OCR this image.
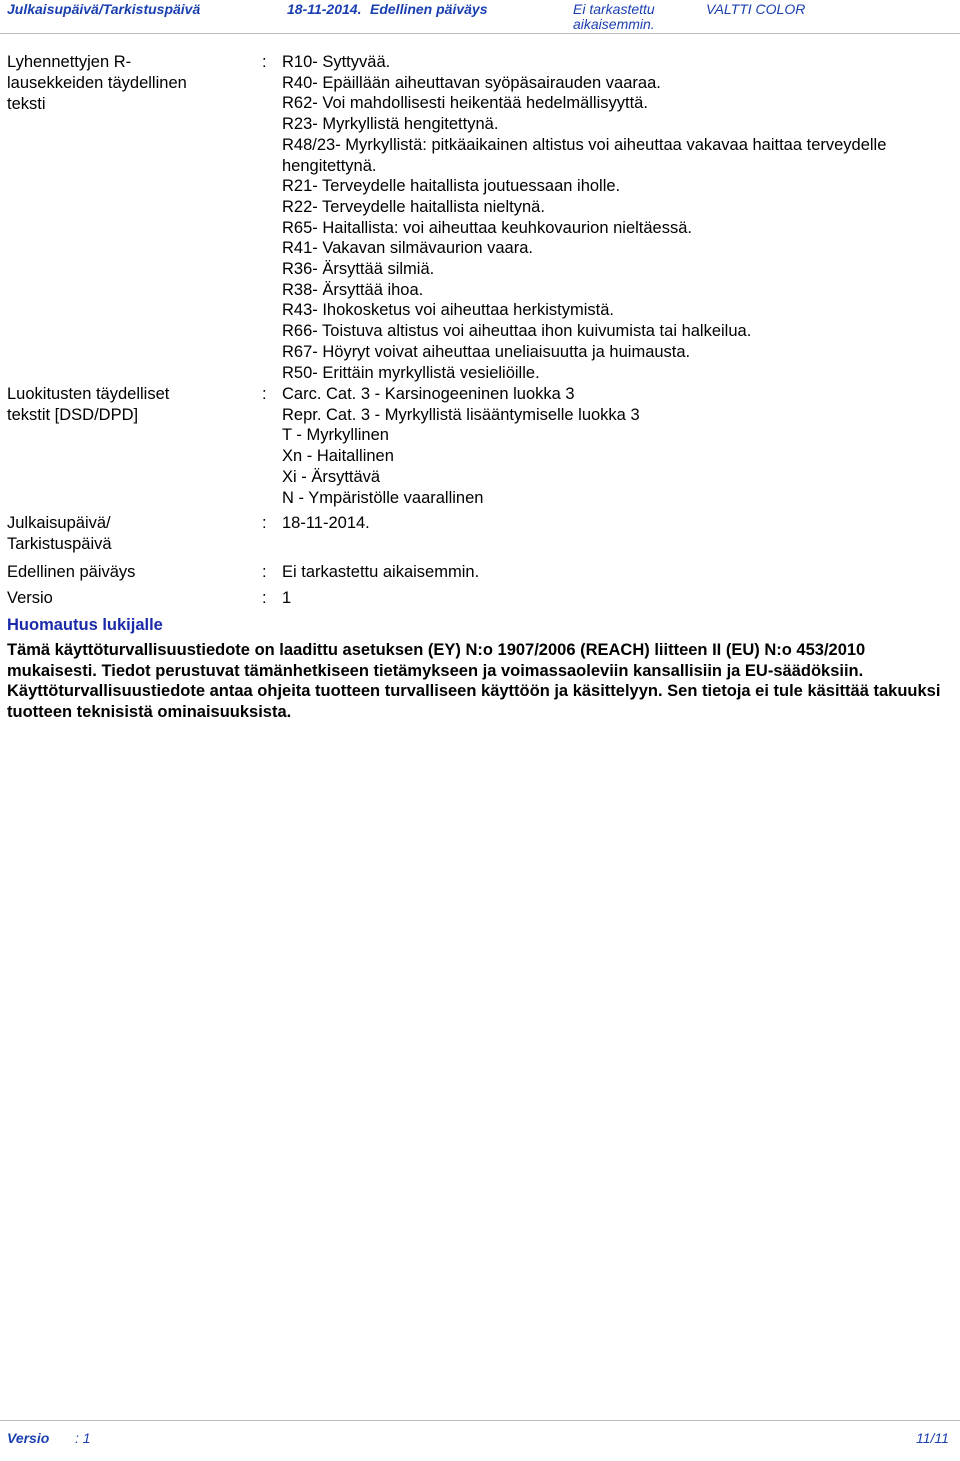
Julkaisupäivä/Tarkistuspäivä	18-11-2014. Edellinen päiväys	Ei tarkastettu
aikaisemmin.
VALTTI COLOR
Lyhennettyjen R-
lausekkeiden täydellinen
teksti
: R10- Syttyvää.
R40- Epäillään aiheuttavan syöpäsairauden vaaraa.
R62- Voi mahdollisesti heikentää hedelmällisyyttä.
R23- Myrkyllistä hengitettynä.
R48/23- Myrkyllistä: pitkäaikainen altistus voi aiheuttaa vakavaa haittaa terveydelle
hengitettynä.
R21- Terveydelle haitallista joutuessaan iholle.
R22- Terveydelle haitallista nieltynä.
R65- Haitallista: voi aiheuttaa keuhkovaurion nieltäessä.
R41- Vakavan silmävaurion vaara.
R36- Ärsyttää silmiä.
R38- Ärsyttää ihoa.
R43- Ihokosketus voi aiheuttaa herkistymistä.
R66- Toistuva altistus voi aiheuttaa ihon kuivumista tai halkeilua.
R67- Höyryt voivat aiheuttaa uneliaisuutta ja huimausta.
R50- Erittäin myrkyllistä vesieliöille.
Luokitusten täydelliset
tekstit [DSD/DPD]
: Carc. Cat. 3 - Karsinogeeninen luokka 3
Repr. Cat. 3 - Myrkyllistä lisääntymiselle luokka 3
T - Myrkyllinen
Xn - Haitallinen
Xi - Ärsyttävä
N - Ympäristölle vaarallinen
Julkaisupäivä/
Tarkistuspäivä
: 18-11-2014.
Edellinen päiväys	: Ei tarkastettu aikaisemmin.
Versio	: 1
Huomautus lukijalle
Tämä käyttöturvallisuustiedote on laadittu asetuksen (EY) N:o 1907/2006 (REACH) liitteen II (EU) N:o 453/2010 mukaisesti. Tiedot perustuvat tämänhetkiseen tietämykseen ja voimassaoleviin kansallisiin ja EU-säädöksiin. Käyttöturvallisuustiedote antaa ohjeita tuotteen turvalliseen käyttöön ja käsittelyyn. Sen tietoja ei tule käsittää takuuksi tuotteen teknisistä ominaisuuksista.
Versio : 1	11/11
